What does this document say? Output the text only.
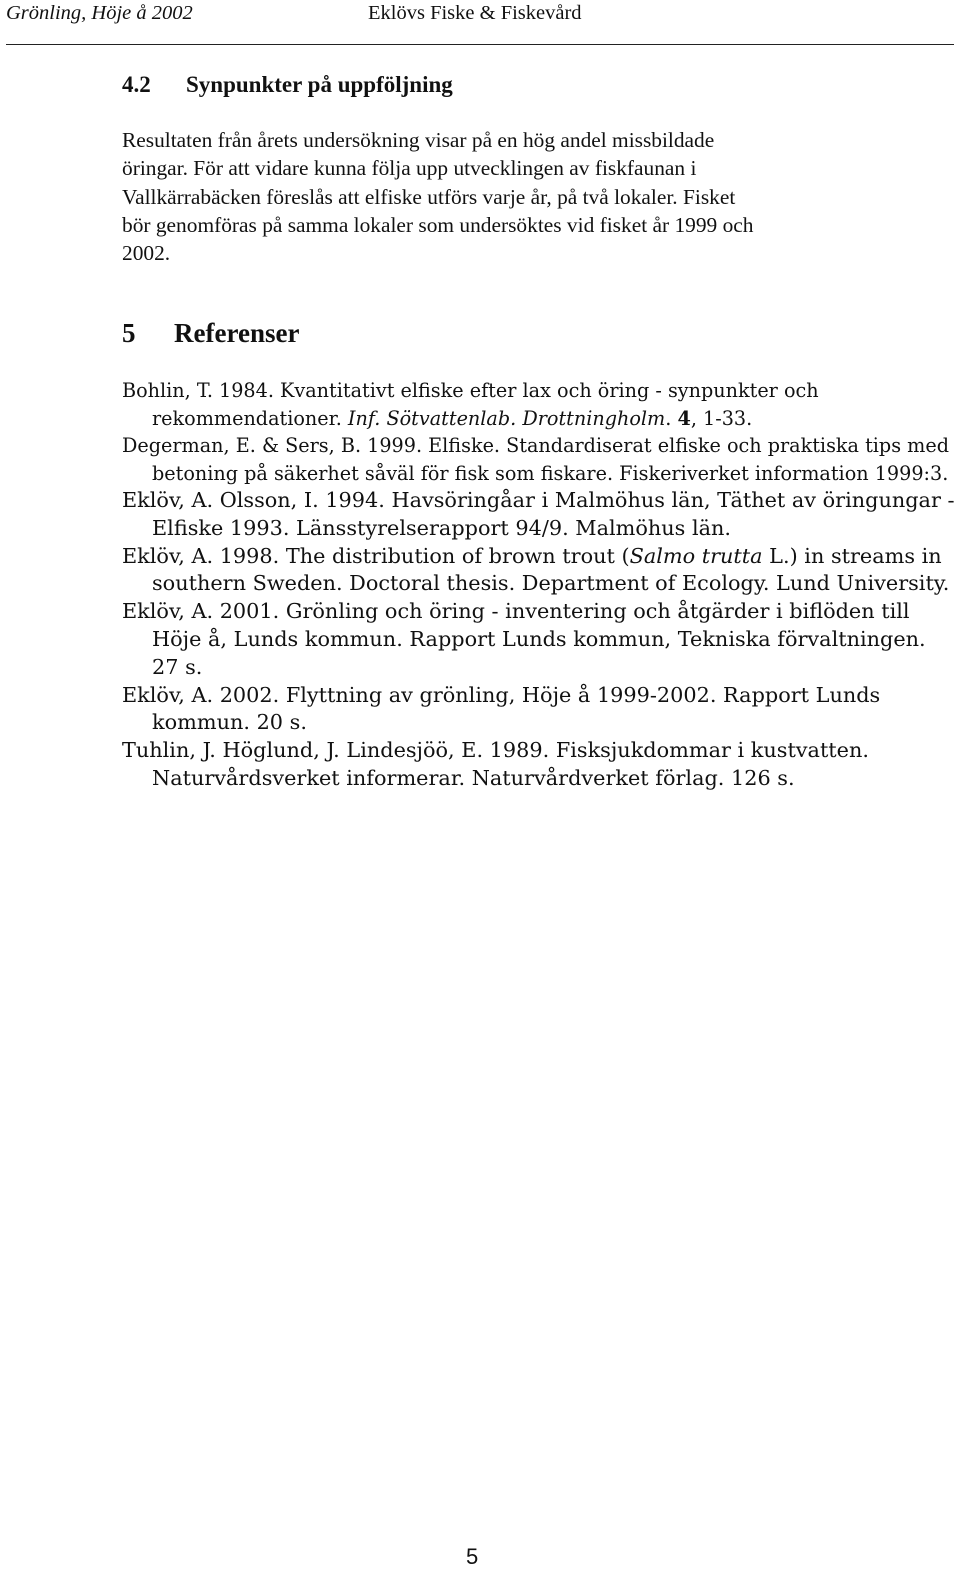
Grönling, Höje å 2002	Eklövs Fiske & Fiskevård
4.2 Synpunkter på uppföljning

Resultaten från årets undersökning visar på en hög andel missbildade
öringar. För att vidare kunna följa upp utvecklingen av fiskfaunan i
Vallkärrabäcken föreslås att elfiske utförs varje år, på två lokaler. Fisket
bör genomföras på samma lokaler som undersöktes vid fisket år 1999 och
2002.

5 Referenser
Bohlin, T. 1984. Kvantitativt elfiske efter lax och öring - synpunkter och rekommendationer. Inf. Sötvattenlab. Drottningholm. 4, 1-33.
Degerman, E. & Sers, B. 1999. Elfiske. Standardiserat elfiske och praktiska tips med betoning på säkerhet såväl för fisk som fiskare. Fiskeriverket information 1999:3.
Eklöv, A. Olsson, I. 1994. Havsöringåar i Malmöhus län, Täthet av öringungar - Elfiske 1993. Länsstyrelserapport 94/9. Malmöhus län.
Eklöv, A. 1998. The distribution of brown trout (Salmo trutta L.) in streams in southern Sweden. Doctoral thesis. Department of Ecology. Lund University.
Eklöv, A. 2001. Grönling och öring - inventering och åtgärder i biflöden till Höje å, Lunds kommun. Rapport Lunds kommun, Tekniska förvaltningen. 27 s.
Eklöv, A. 2002. Flyttning av grönling, Höje å 1999-2002. Rapport Lunds kommun. 20 s.
Tuhlin, J. Höglund, J. Lindesjöö, E. 1989. Fisksjukdommar i kustvatten. Naturvårdsverket informerar. Naturvårdverket förlag. 126 s.
5
